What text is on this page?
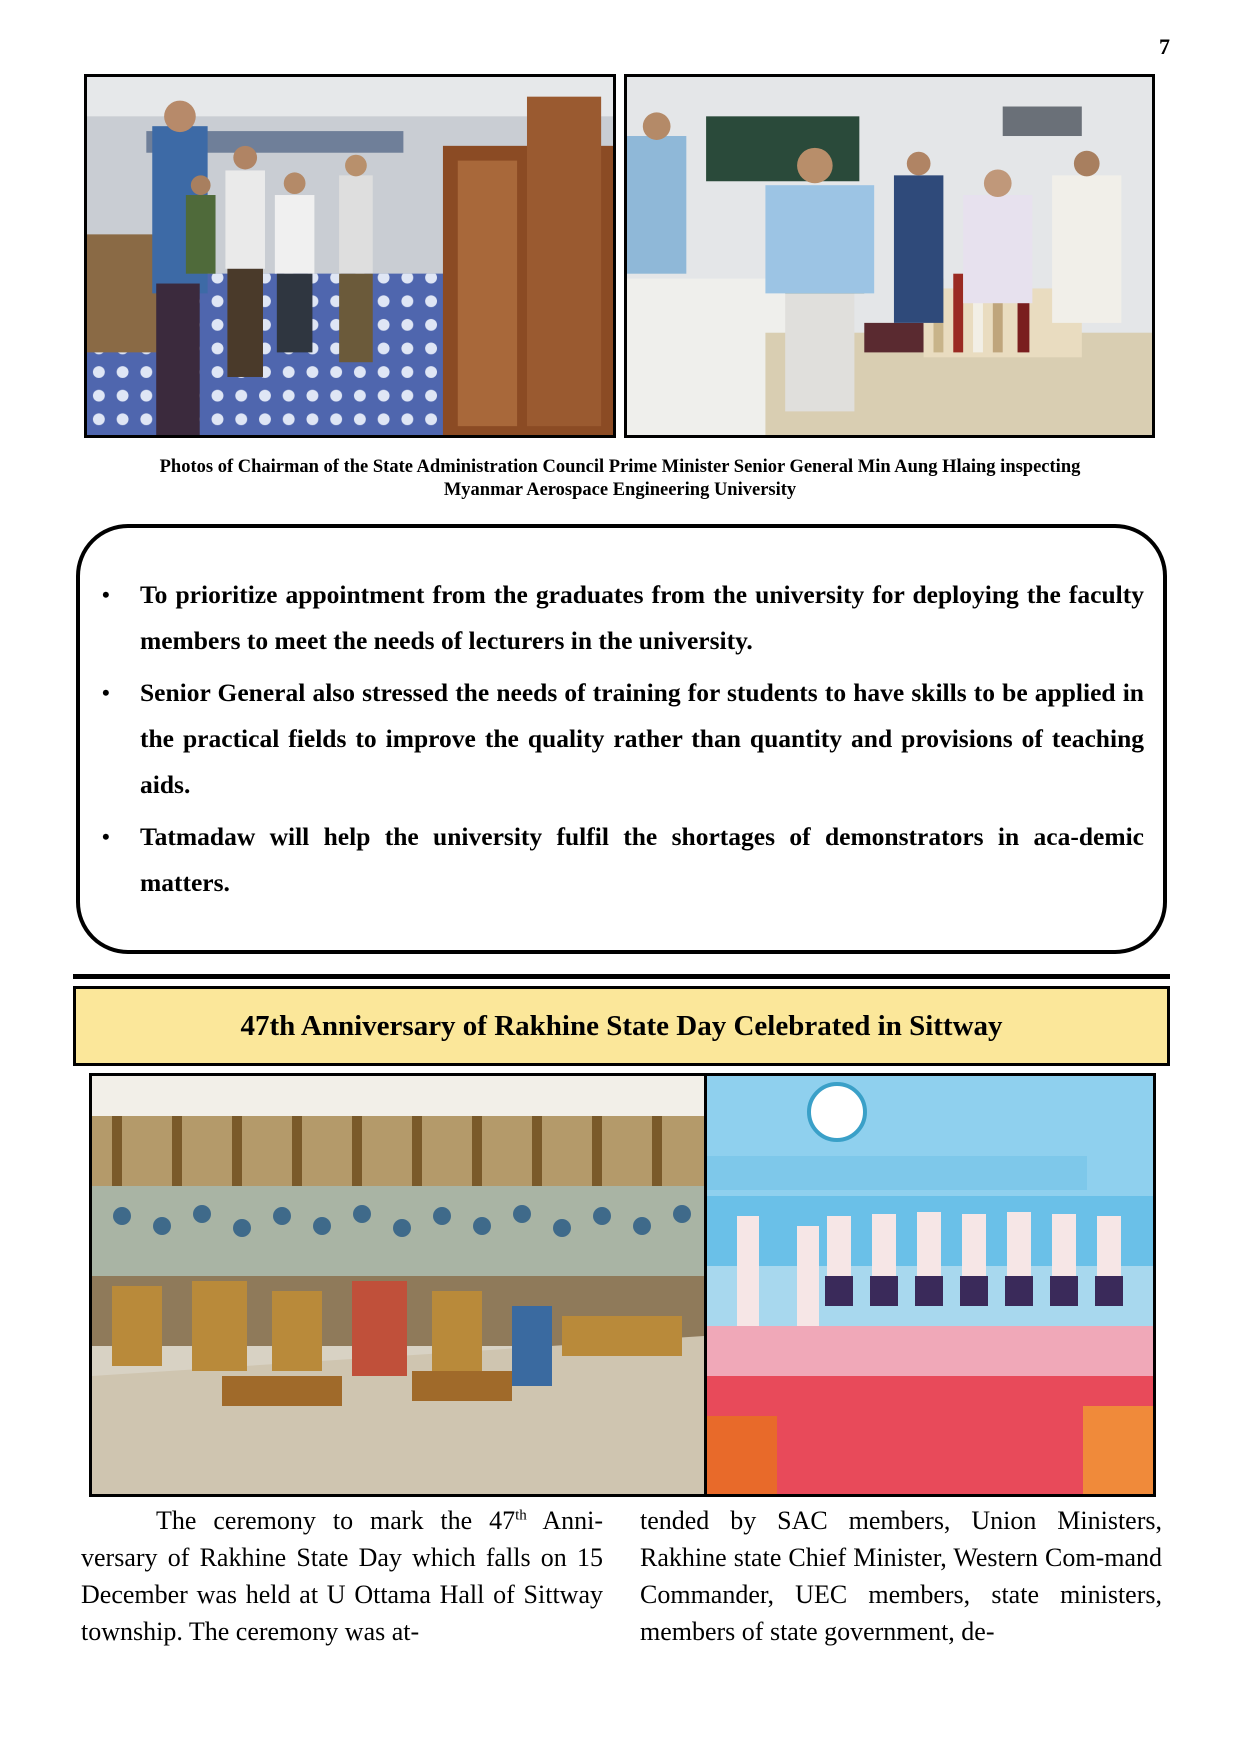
7
Photos of Chairman of the State Administration Council Prime Minister Senior General Min Aung Hlaing inspecting
Myanmar Aerospace Engineering University
• To prioritize appointment from the graduates from the university for deploying the faculty members to meet the needs of lecturers in the university.
• Senior General also stressed the needs of training for students to have skills to be applied in the practical fields to improve the quality rather than quantity and provisions of teaching aids.
• Tatmadaw will help the university fulfil the shortages of demonstrators in aca-demic matters.
47th Anniversary of Rakhine State Day Celebrated in Sittway

The ceremony to mark the 47th Anni-versary of Rakhine State Day which falls on 15 December was held at U Ottama Hall of Sittway township. The ceremony was at-

tended by SAC members, Union Ministers, Rakhine state Chief Minister, Western Com-mand Commander, UEC members, state ministers, members of state government, de-
